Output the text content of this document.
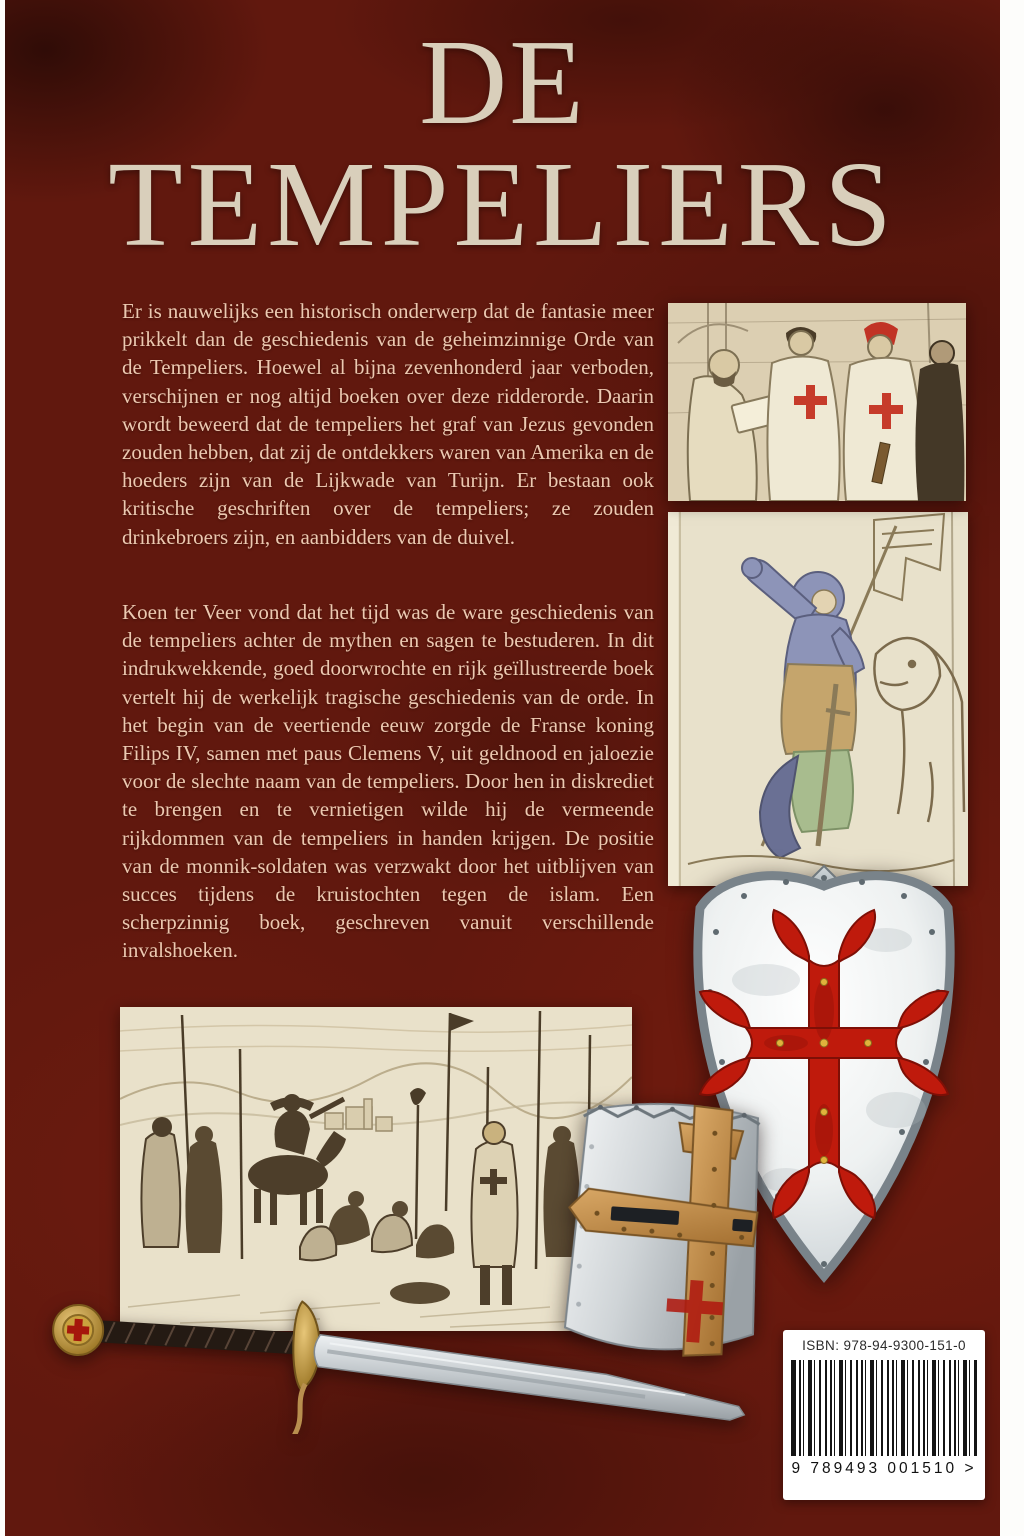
DE
TEMPELIERS
Er is nauwelijks een historisch onderwerp dat de fantasie meer prikkelt dan de geschiedenis van de geheimzinnige Orde van de Tempeliers. Hoewel al bijna zevenhonderd jaar verboden, verschijnen er nog altijd boeken over deze ridderorde. Daarin wordt beweerd dat de tempeliers het graf van Jezus gevonden zouden hebben, dat zij de ontdekkers waren van Amerika en de hoeders zijn van de Lijkwade van Turijn. Er bestaan ook kritische geschriften over de tempeliers; ze zouden drinkebroers zijn, en aanbidders van de duivel.
Koen ter Veer vond dat het tijd was de ware geschiedenis van de tempeliers achter de mythen en sagen te bestuderen. In dit indrukwekkende, goed doorwrochte en rijk geïllustreerde boek vertelt hij de werkelijk tragische geschiedenis van de orde. In het begin van de veertiende eeuw zorgde de Franse koning Filips IV, samen met paus Clemens V, uit geldnood en jaloezie voor de slechte naam van de tempeliers. Door hen in diskrediet te brengen en te vernietigen wilde hij de vermeende rijkdommen van de tempeliers in handen krijgen. De positie van de monnik-soldaten was verzwakt door het uitblijven van succes tijdens de kruistochten tegen de islam. Een scherpzinnig boek, geschreven vanuit verschillende invalshoeken.
ISBN: 978-94-9300-151-0
9 789493 001510 >
